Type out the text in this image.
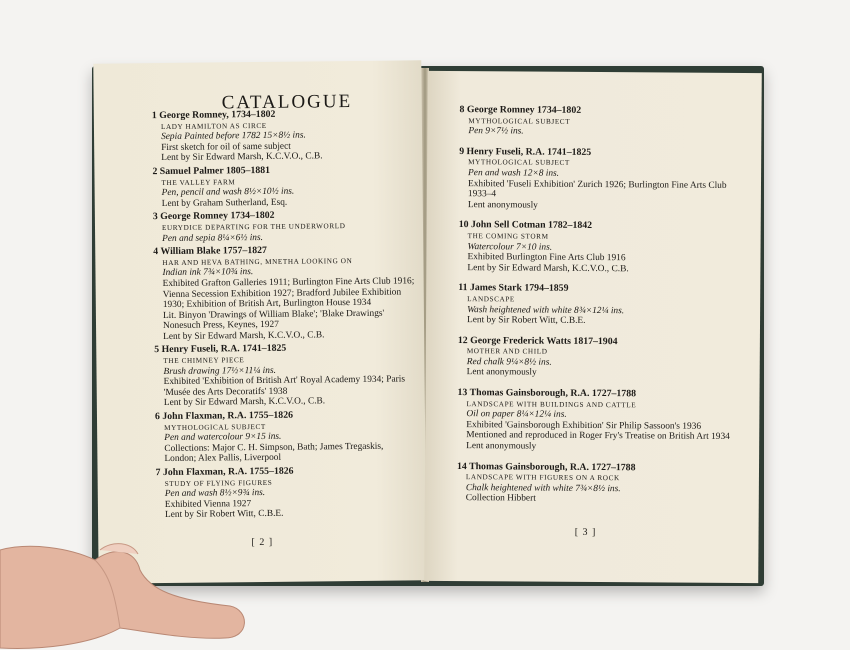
CATALOGUE
1 George Romney, 1734–1802
LADY HAMILTON AS CIRCE
Sepia Painted before 1782 15×8½ ins.
First sketch for oil of same subject
Lent by Sir Edward Marsh, K.C.V.O., C.B.
2 Samuel Palmer 1805–1881
THE VALLEY FARM
Pen, pencil and wash 8½×10½ ins.
Lent by Graham Sutherland, Esq.
3 George Romney 1734–1802
EURYDICE DEPARTING FOR THE UNDERWORLD
Pen and sepia 8¼×6½ ins.
4 William Blake 1757–1827
HAR AND HEVA BATHING, MNETHA LOOKING ON
Indian ink 7¾×10¾ ins.
Exhibited Grafton Galleries 1911; Burlington Fine Arts Club 1916; Vienna Secession Exhibition 1927; Bradford Jubilee Exhibition 1930; Exhibition of British Art, Burlington House 1934
Lit. Binyon 'Drawings of William Blake'; 'Blake Drawings' Nonesuch Press, Keynes, 1927
Lent by Sir Edward Marsh, K.C.V.O., C.B.
5 Henry Fuseli, R.A. 1741–1825
THE CHIMNEY PIECE
Brush drawing 17½×11¼ ins.
Exhibited 'Exhibition of British Art' Royal Academy 1934; Paris 'Musée des Arts Decoratifs' 1938
Lent by Sir Edward Marsh, K.C.V.O., C.B.
6 John Flaxman, R.A. 1755–1826
MYTHOLOGICAL SUBJECT
Pen and watercolour 9×15 ins.
Collections: Major C. H. Simpson, Bath; James Tregaskis, London; Alex Pallis, Liverpool
7 John Flaxman, R.A. 1755–1826
STUDY OF FLYING FIGURES
Pen and wash 8½×9¾ ins.
Exhibited Vienna 1927
Lent by Sir Robert Witt, C.B.E.
[ 2 ]
8 George Romney 1734–1802
MYTHOLOGICAL SUBJECT
Pen 9×7½ ins.
9 Henry Fuseli, R.A. 1741–1825
MYTHOLOGICAL SUBJECT
Pen and wash 12×8 ins.
Exhibited 'Fuseli Exhibition' Zurich 1926; Burlington Fine Arts Club 1933–4
Lent anonymously
10 John Sell Cotman 1782–1842
THE COMING STORM
Watercolour 7×10 ins.
Exhibited Burlington Fine Arts Club 1916
Lent by Sir Edward Marsh, K.C.V.O., C.B.
11 James Stark 1794–1859
LANDSCAPE
Wash heightened with white 8¾×12¼ ins.
Lent by Sir Robert Witt, C.B.E.
12 George Frederick Watts 1817–1904
MOTHER AND CHILD
Red chalk 9¼×8½ ins.
Lent anonymously
13 Thomas Gainsborough, R.A. 1727–1788
LANDSCAPE WITH BUILDINGS AND CATTLE
Oil on paper 8¼×12¼ ins.
Exhibited 'Gainsborough Exhibition' Sir Philip Sassoon's 1936
Mentioned and reproduced in Roger Fry's Treatise on British Art 1934
Lent anonymously
14 Thomas Gainsborough, R.A. 1727–1788
LANDSCAPE WITH FIGURES ON A ROCK
Chalk heightened with white 7¾×8½ ins.
Collection Hibbert
[ 3 ]
